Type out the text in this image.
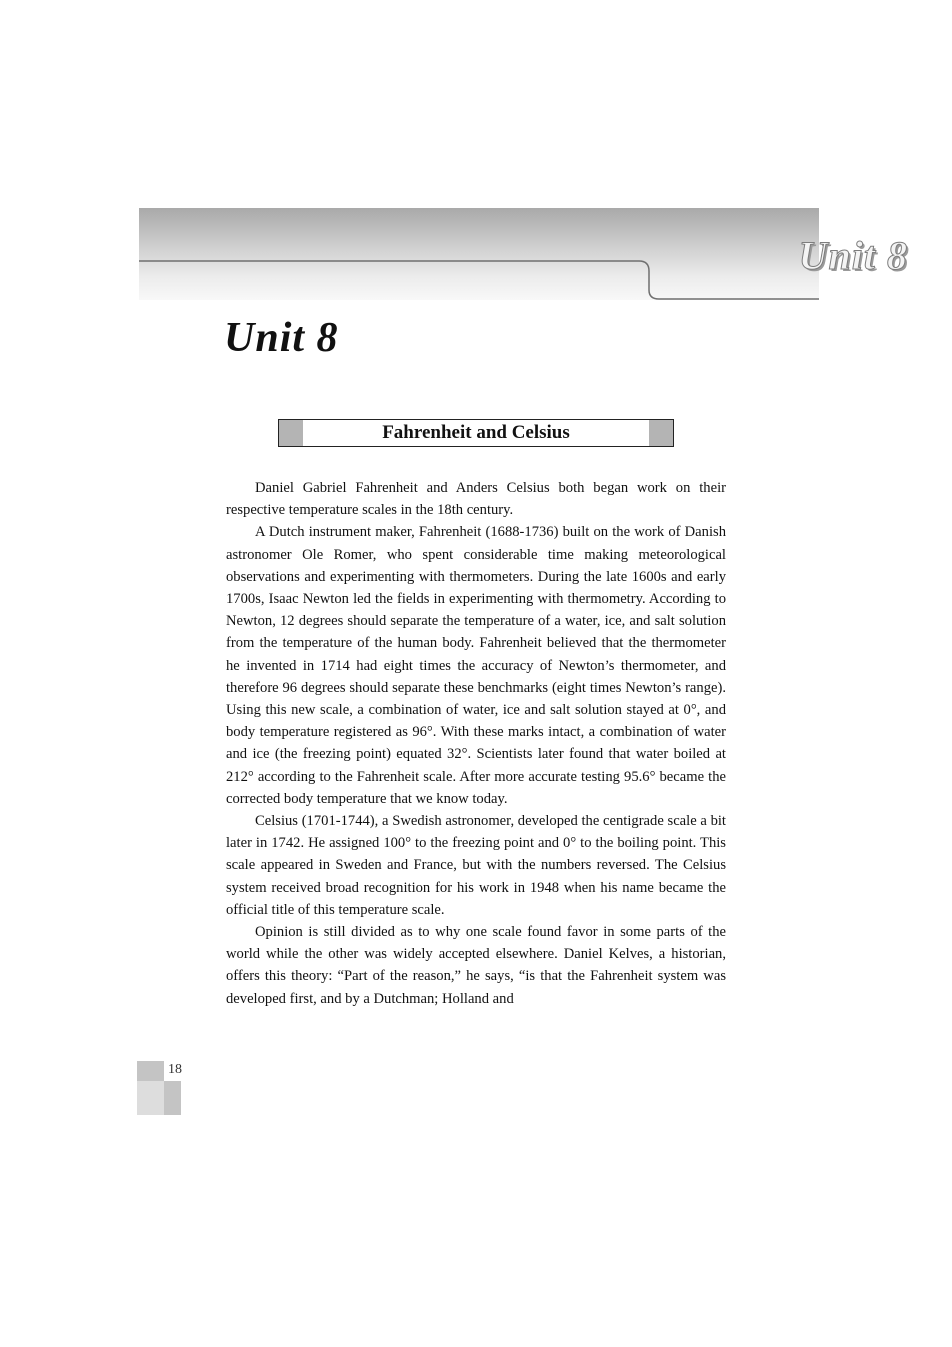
Unit 8
Unit 8
Fahrenheit and Celsius

Daniel Gabriel Fahrenheit and Anders Celsius both began work on their respective temperature scales in the 18th century.

A Dutch instrument maker, Fahrenheit (1688-1736) built on the work of Danish astronomer Ole Romer, who spent considerable time making meteorological observations and experimenting with thermometers. During the late 1600s and early 1700s, Isaac Newton led the fields in experimenting with thermometry. According to Newton, 12 degrees should separate the temperature of a water, ice, and salt solution from the temperature of the human body. Fahrenheit believed that the thermometer he invented in 1714 had eight times the accuracy of Newton’s thermometer, and therefore 96 degrees should separate these benchmarks (eight times Newton’s range). Using this new scale, a combination of water, ice and salt solution stayed at 0°, and body temperature registered as 96°. With these marks intact, a combination of water and ice (the freezing point) equated 32°. Scientists later found that water boiled at 212° according to the Fahrenheit scale. After more accurate testing 95.6° became the corrected body temperature that we know today.

Celsius (1701-1744), a Swedish astronomer, developed the centigrade scale a bit later in 1742. He assigned 100° to the freezing point and 0° to the boiling point. This scale appeared in Sweden and France, but with the numbers reversed. The Celsius system received broad recognition for his work in 1948 when his name became the official title of this temperature scale.

Opinion is still divided as to why one scale found favor in some parts of the world while the other was widely accepted elsewhere. Daniel Kelves, a historian, offers this theory: “Part of the reason,” he says, “is that the Fahrenheit system was developed first, and by a Dutchman; Holland and

18
